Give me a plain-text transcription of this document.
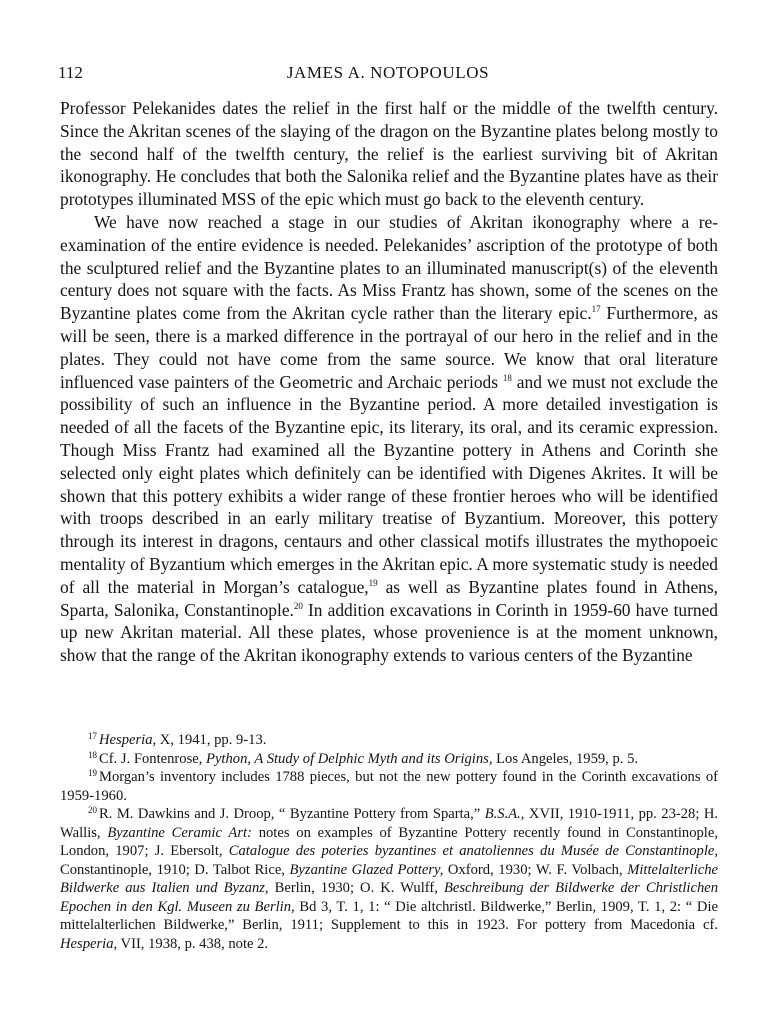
112	JAMES A. NOTOPOULOS

Professor Pelekanides dates the relief in the first half or the middle of the twelfth century. Since the Akritan scenes of the slaying of the dragon on the Byzantine plates belong mostly to the second half of the twelfth century, the relief is the earliest surviving bit of Akritan ikonography. He concludes that both the Salonika relief and the Byzantine plates have as their prototypes illuminated MSS of the epic which must go back to the eleventh century.

We have now reached a stage in our studies of Akritan ikonography where a re-examination of the entire evidence is needed. Pelekanides’ ascription of the prototype of both the sculptured relief and the Byzantine plates to an illuminated manuscript(s) of the eleventh century does not square with the facts. As Miss Frantz has shown, some of the scenes on the Byzantine plates come from the Akritan cycle rather than the literary epic.$^{17}$ Furthermore, as will be seen, there is a marked difference in the portrayal of our hero in the relief and in the plates. They could not have come from the same source. We know that oral literature influenced vase painters of the Geometric and Archaic periods $^{18}$ and we must not exclude the possibility of such an influence in the Byzantine period. A more detailed investigation is needed of all the facets of the Byzantine epic, its literary, its oral, and its ceramic expression. Though Miss Frantz had examined all the Byzantine pottery in Athens and Corinth she selected only eight plates which definitely can be identified with Digenes Akrites. It will be shown that this pottery exhibits a wider range of these frontier heroes who will be identified with troops described in an early military treatise of Byzantium. Moreover, this pottery through its interest in dragons, centaurs and other classical motifs illustrates the mythopoeic mentality of Byzantium which emerges in the Akritan epic. A more systematic study is needed of all the material in Morgan’s catalogue,$^{19}$ as well as Byzantine plates found in Athens, Sparta, Salonika, Constantinople.$^{20}$ In addition excavations in Corinth in 1959-60 have turned up new Akritan material. All these plates, whose provenience is at the moment unknown, show that the range of the Akritan ikonography extends to various centers of the Byzantine

$^{17}$ Hesperia, X, 1941, pp. 9-13.

$^{18}$ Cf. J. Fontenrose, Python, A Study of Delphic Myth and its Origins, Los Angeles, 1959, p. 5.

$^{19}$ Morgan’s inventory includes 1788 pieces, but not the new pottery found in the Corinth excavations of 1959-1960.

$^{20}$ R. M. Dawkins and J. Droop, “ Byzantine Pottery from Sparta,” B.S.A., XVII, 1910-1911, pp. 23-28; H. Wallis, Byzantine Ceramic Art: notes on examples of Byzantine Pottery recently found in Constantinople, London, 1907; J. Ebersolt, Catalogue des poteries byzantines et anatoliennes du Musée de Constantinople, Constantinople, 1910; D. Talbot Rice, Byzantine Glazed Pottery, Oxford, 1930; W. F. Volbach, Mittelalterliche Bildwerke aus Italien und Byzanz, Berlin, 1930; O. K. Wulff, Beschreibung der Bildwerke der Christlichen Epochen in den Kgl. Museen zu Berlin, Bd 3, T. 1, 1: “ Die altchristl. Bildwerke,” Berlin, 1909, T. 1, 2: “ Die mittelalterlichen Bildwerke,” Berlin, 1911; Supplement to this in 1923. For pottery from Macedonia cf. Hesperia, VII, 1938, p. 438, note 2.
